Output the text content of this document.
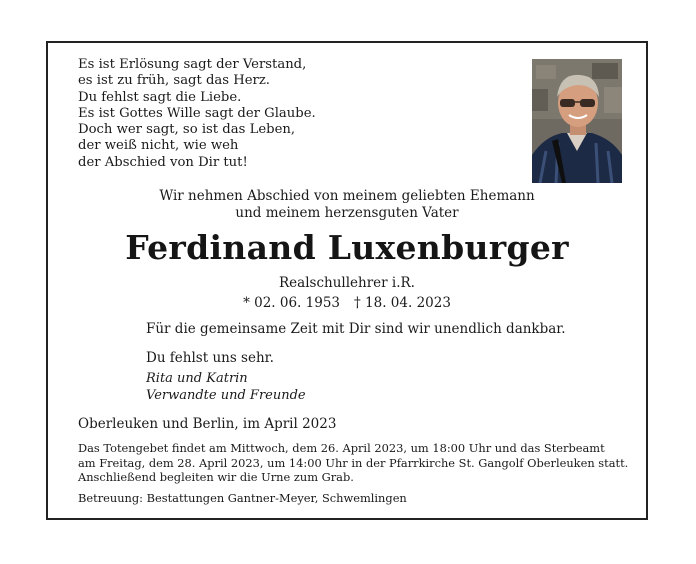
Es ist Erlösung sagt der Verstand,
es ist zu früh, sagt das Herz.
Du fehlst sagt die Liebe.
Es ist Gottes Wille sagt der Glaube.
Doch wer sagt, so ist das Leben,
der weiß nicht, wie weh
der Abschied von Dir tut!
Wir nehmen Abschied von meinem geliebten Ehemann
und meinem herzensguten Vater
Ferdinand Luxenburger
Realschullehrer i.R.
* 02. 06. 1953 † 18. 04. 2023
Für die gemeinsame Zeit mit Dir sind wir unendlich dankbar.
Du fehlst uns sehr.
Rita und Katrin
Verwandte und Freunde
Oberleuken und Berlin, im April 2023
Das Totengebet findet am Mittwoch, dem 26. April 2023, um 18:00 Uhr und das Sterbeamt
am Freitag, dem 28. April 2023, um 14:00 Uhr in der Pfarrkirche St. Gangolf Oberleuken statt.
Anschließend begleiten wir die Urne zum Grab.
Betreuung: Bestattungen Gantner-Meyer, Schwemlingen
